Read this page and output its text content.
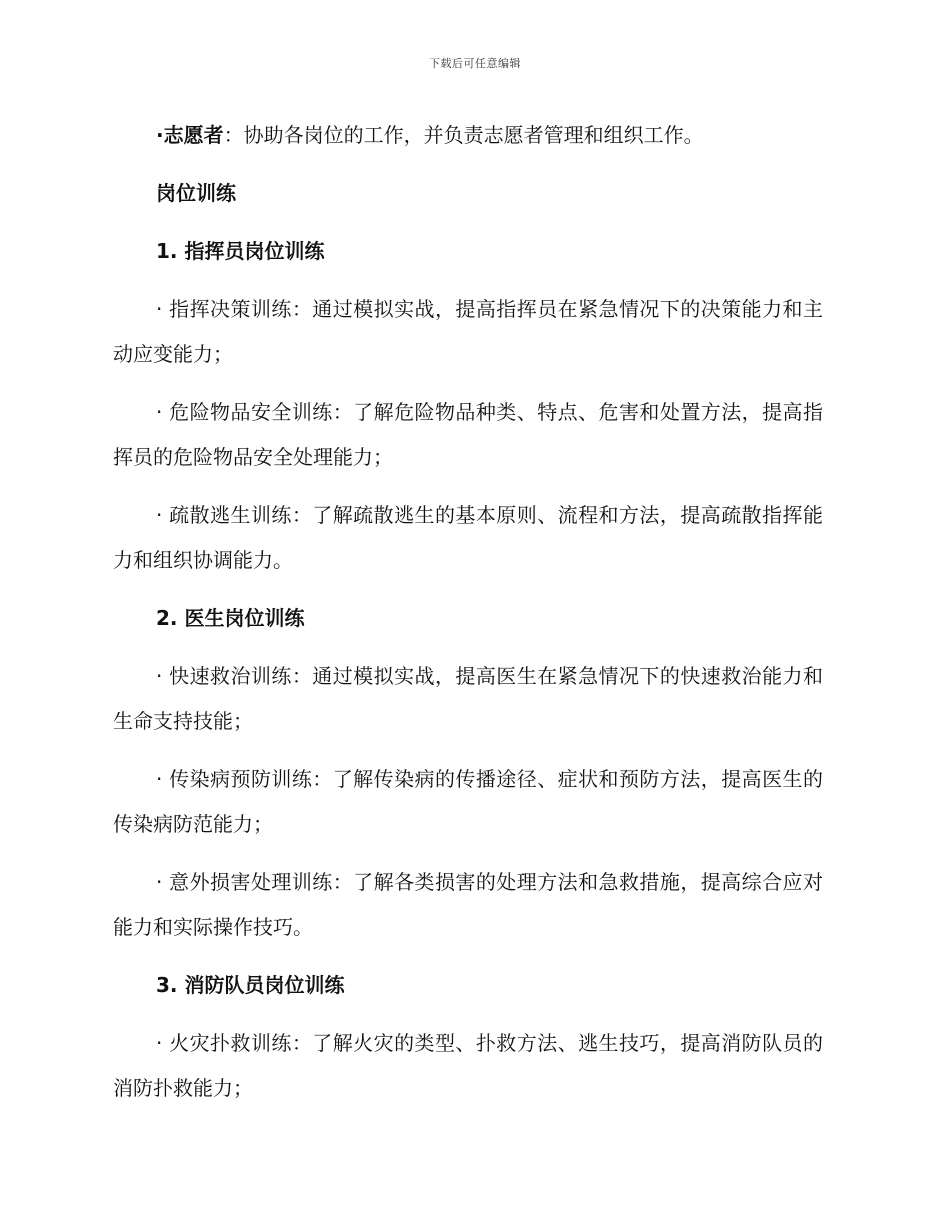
下载后可任意编辑

·志愿者：协助各岗位的工作，并负责志愿者管理和组织工作。

岗位训练

1. 指挥员岗位训练

· 指挥决策训练：通过模拟实战，提高指挥员在紧急情况下的决策能力和主动应变能力；

· 危险物品安全训练：了解危险物品种类、特点、危害和处置方法，提高指挥员的危险物品安全处理能力；

· 疏散逃生训练：了解疏散逃生的基本原则、流程和方法，提高疏散指挥能力和组织协调能力。

2. 医生岗位训练

· 快速救治训练：通过模拟实战，提高医生在紧急情况下的快速救治能力和生命支持技能；

· 传染病预防训练：了解传染病的传播途径、症状和预防方法，提高医生的传染病防范能力；

· 意外损害处理训练：了解各类损害的处理方法和急救措施，提高综合应对能力和实际操作技巧。

3. 消防队员岗位训练

· 火灾扑救训练：了解火灾的类型、扑救方法、逃生技巧，提高消防队员的消防扑救能力；
